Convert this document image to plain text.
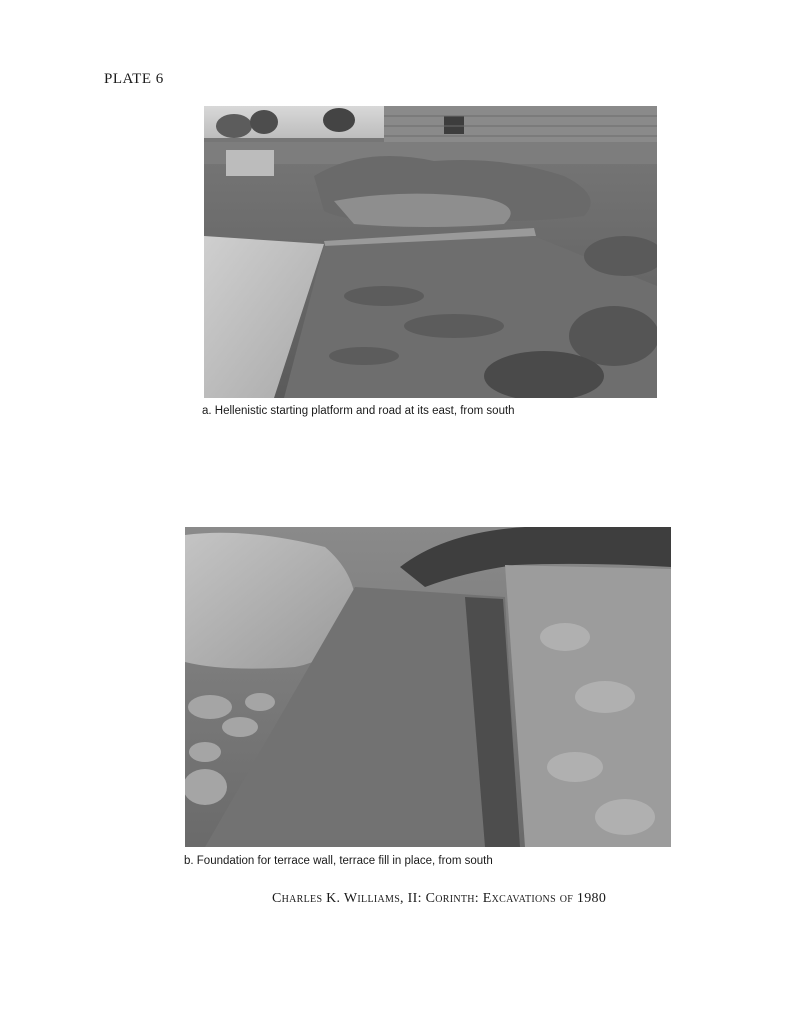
PLATE 6
a. Hellenistic starting platform and road at its east, from south
b. Foundation for terrace wall, terrace fill in place, from south
Charles K. Williams, II: Corinth: Excavations of 1980
